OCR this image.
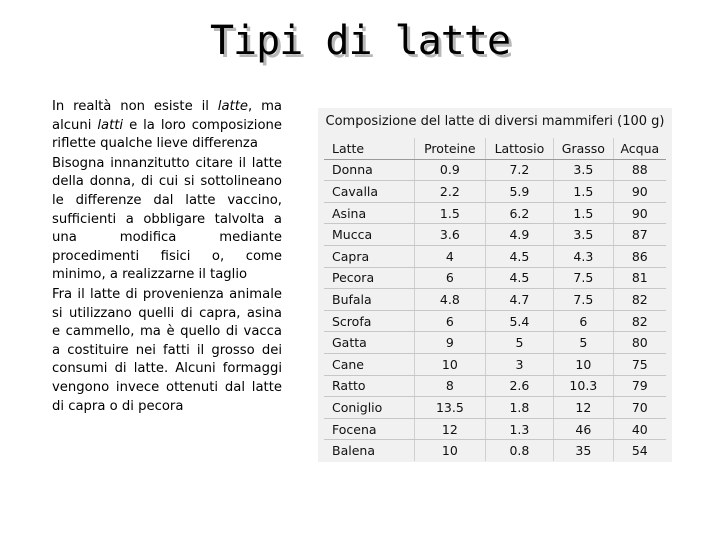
Tipi di latte

In realtà non esiste il latte, ma alcuni latti e la loro composizione riflette qualche lieve differenza

Bisogna innanzitutto citare il latte della donna, di cui si sottolineano le differenze dal latte vaccino, sufficienti a obbligare talvolta a una modifica mediante procedimenti fisici o, come minimo, a realizzarne il taglio

Fra il latte di provenienza animale si utilizzano quelli di capra, asina e cammello, ma è quello di vacca a costituire nei fatti il grosso dei consumi di latte. Alcuni formaggi vengono invece ottenuti dal latte di capra o di pecora

Composizione del latte di diversi mammiferi (100 g)
Latte	Proteine	Lattosio	Grasso	Acqua
Donna	0.9	7.2	3.5	88
Cavalla	2.2	5.9	1.5	90
Asina	1.5	6.2	1.5	90
Mucca	3.6	4.9	3.5	87
Capra	4	4.5	4.3	86
Pecora	6	4.5	7.5	81
Bufala	4.8	4.7	7.5	82
Scrofa	6	5.4	6	82
Gatta	9	5	5	80
Cane	10	3	10	75
Ratto	8	2.6	10.3	79
Coniglio	13.5	1.8	12	70
Focena	12	1.3	46	40
Balena	10	0.8	35	54
